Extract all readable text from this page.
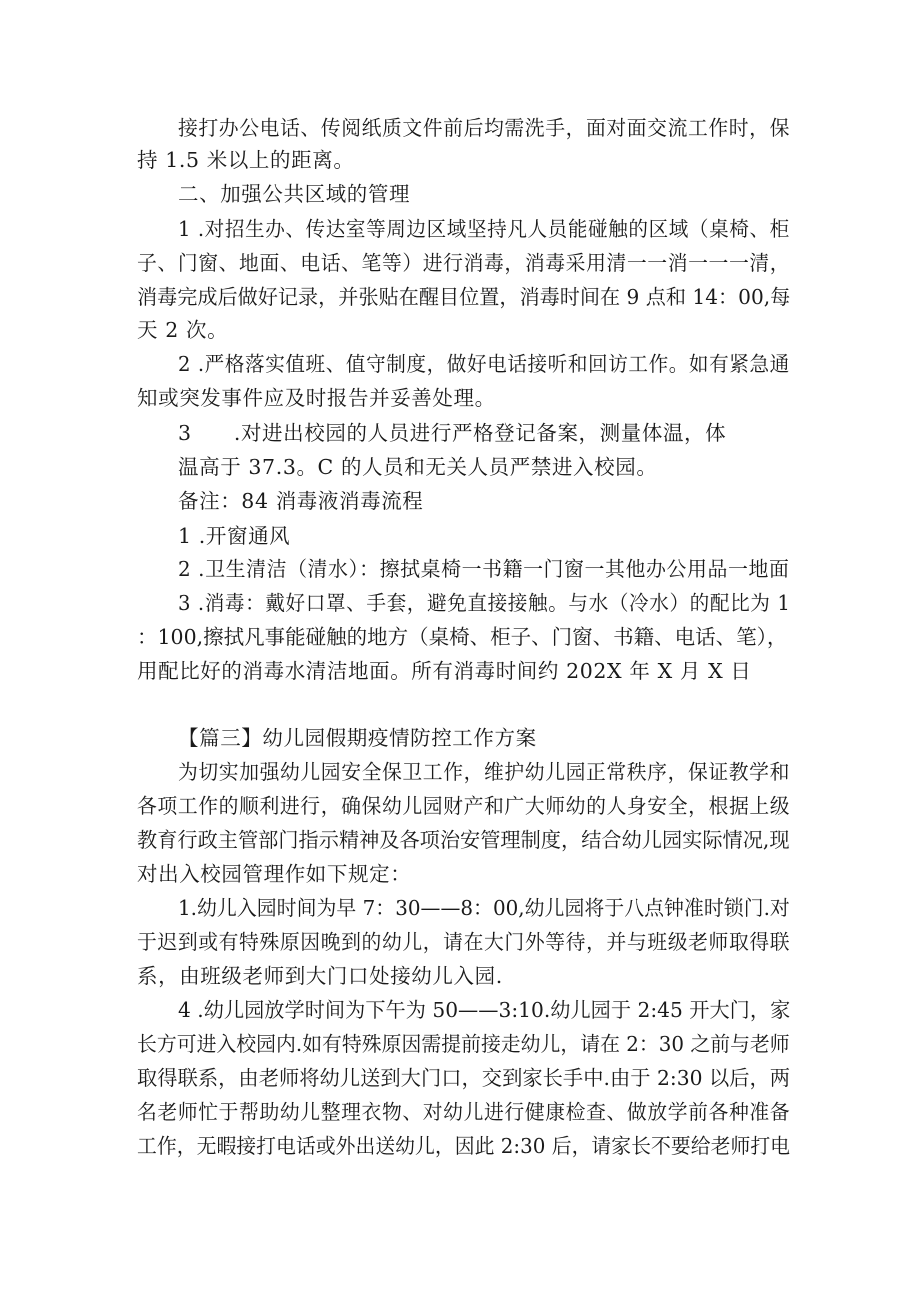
接打办公电话、传阅纸质文件前后均需洗手，面对面交流工作时，保
持 1.5 米以上的距离。
二、加强公共区域的管理
1 .对招生办、传达室等周边区域坚持凡人员能碰触的区域（桌椅、柜
子、门窗、地面、电话、笔等）进行消毒，消毒采用清一一消一一一清，
消毒完成后做好记录，并张贴在醒目位置，消毒时间在 9 点和 14：00,每
天 2 次。
2 .严格落实值班、值守制度，做好电话接听和回访工作。如有紧急通
知或突发事件应及时报告并妥善处理。
3　　.对进出校园的人员进行严格登记备案，测量体温，体
温高于 37.3。C 的人员和无关人员严禁进入校园。
备注：84 消毒液消毒流程
1 .开窗通风
2 .卫生清洁（清水）：擦拭桌椅一书籍一门窗一其他办公用品一地面
3 .消毒：戴好口罩、手套，避免直接接触。与水（冷水）的配比为 1
：100,擦拭凡事能碰触的地方（桌椅、柜子、门窗、书籍、电话、笔），
用配比好的消毒水清洁地面。所有消毒时间约 202X 年 X 月 X 日
【篇三】幼儿园假期疫情防控工作方案
为切实加强幼儿园安全保卫工作，维护幼儿园正常秩序，保证教学和
各项工作的顺利进行，确保幼儿园财产和广大师幼的人身安全，根据上级
教育行政主管部门指示精神及各项治安管理制度，结合幼儿园实际情况,现
对出入校园管理作如下规定：
1.幼儿入园时间为早 7：30——8：00,幼儿园将于八点钟准时锁门.对
于迟到或有特殊原因晚到的幼儿，请在大门外等待，并与班级老师取得联
系，由班级老师到大门口处接幼儿入园.
4 .幼儿园放学时间为下午为 50——3:10.幼儿园于 2:45 开大门，家
长方可进入校园内.如有特殊原因需提前接走幼儿，请在 2：30 之前与老师
取得联系，由老师将幼儿送到大门口，交到家长手中.由于 2:30 以后，两
名老师忙于帮助幼儿整理衣物、对幼儿进行健康检查、做放学前各种准备
工作，无暇接打电话或外出送幼儿，因此 2:30 后，请家长不要给老师打电
